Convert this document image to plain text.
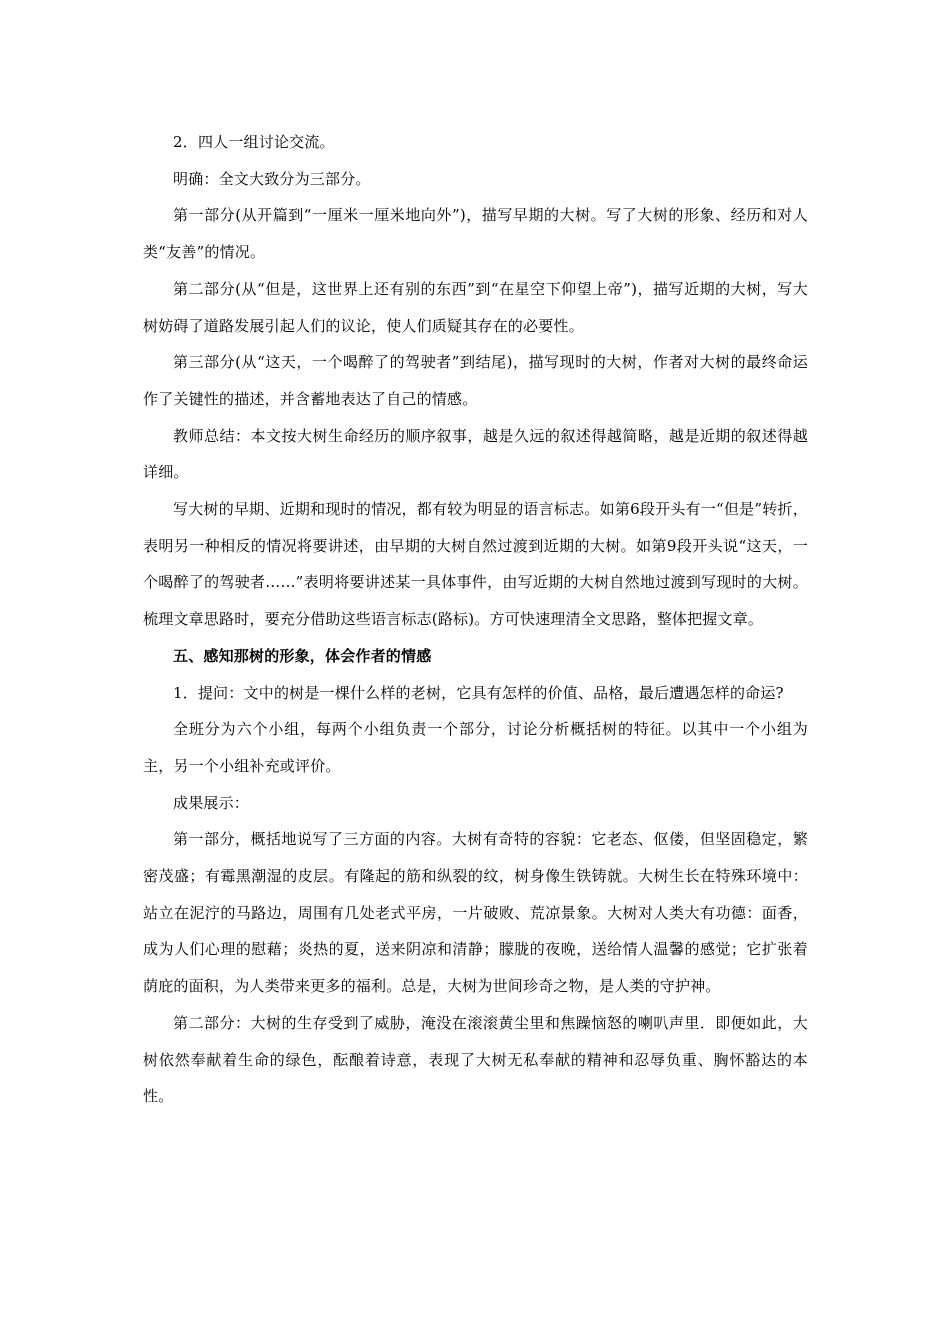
2．四人一组讨论交流。

明确：全文大致分为三部分。

第一部分(从开篇到“一厘米一厘米地向外”)，描写早期的大树。写了大树的形象、经历和对人类“友善”的情况。

第二部分(从“但是，这世界上还有别的东西”到“在星空下仰望上帝”)，描写近期的大树，写大树妨碍了道路发展引起人们的议论，使人们质疑其存在的必要性。

第三部分(从“这天，一个喝醉了的驾驶者”到结尾)，描写现时的大树，作者对大树的最终命运作了关键性的描述，并含蓄地表达了自己的情感。

教师总结：本文按大树生命经历的顺序叙事，越是久远的叙述得越简略，越是近期的叙述得越详细。

写大树的早期、近期和现时的情况，都有较为明显的语言标志。如第6段开头有一“但是”转折，表明另一种相反的情况将要讲述，由早期的大树自然过渡到近期的大树。如第9段开头说“这天，一个喝醉了的驾驶者……”表明将要讲述某一具体事件，由写近期的大树自然地过渡到写现时的大树。梳理文章思路时，要充分借助这些语言标志(路标)。方可快速理清全文思路，整体把握文章。

五、感知那树的形象，体会作者的情感

1．提问：文中的树是一棵什么样的老树，它具有怎样的价值、品格，最后遭遇怎样的命运?

全班分为六个小组，每两个小组负责一个部分，讨论分析概括树的特征。以其中一个小组为主，另一个小组补充或评价。

成果展示：

第一部分，概括地说写了三方面的内容。大树有奇特的容貌：它老态、伛偻，但坚固稳定，繁密茂盛；有霉黑潮湿的皮层。有隆起的筋和纵裂的纹，树身像生铁铸就。大树生长在特殊环境中：站立在泥泞的马路边，周围有几处老式平房，一片破败、荒凉景象。大树对人类大有功德：面香，成为人们心理的慰藉；炎热的夏，送来阴凉和清静；朦胧的夜晚，送给情人温馨的感觉；它扩张着荫庇的面积，为人类带来更多的福利。总是，大树为世间珍奇之物，是人类的守护神。

第二部分：大树的生存受到了威胁，淹没在滚滚黄尘里和焦躁恼怒的喇叭声里．即便如此，大树依然奉献着生命的绿色，酝酿着诗意，表现了大树无私奉献的精神和忍辱负重、胸怀豁达的本性。
